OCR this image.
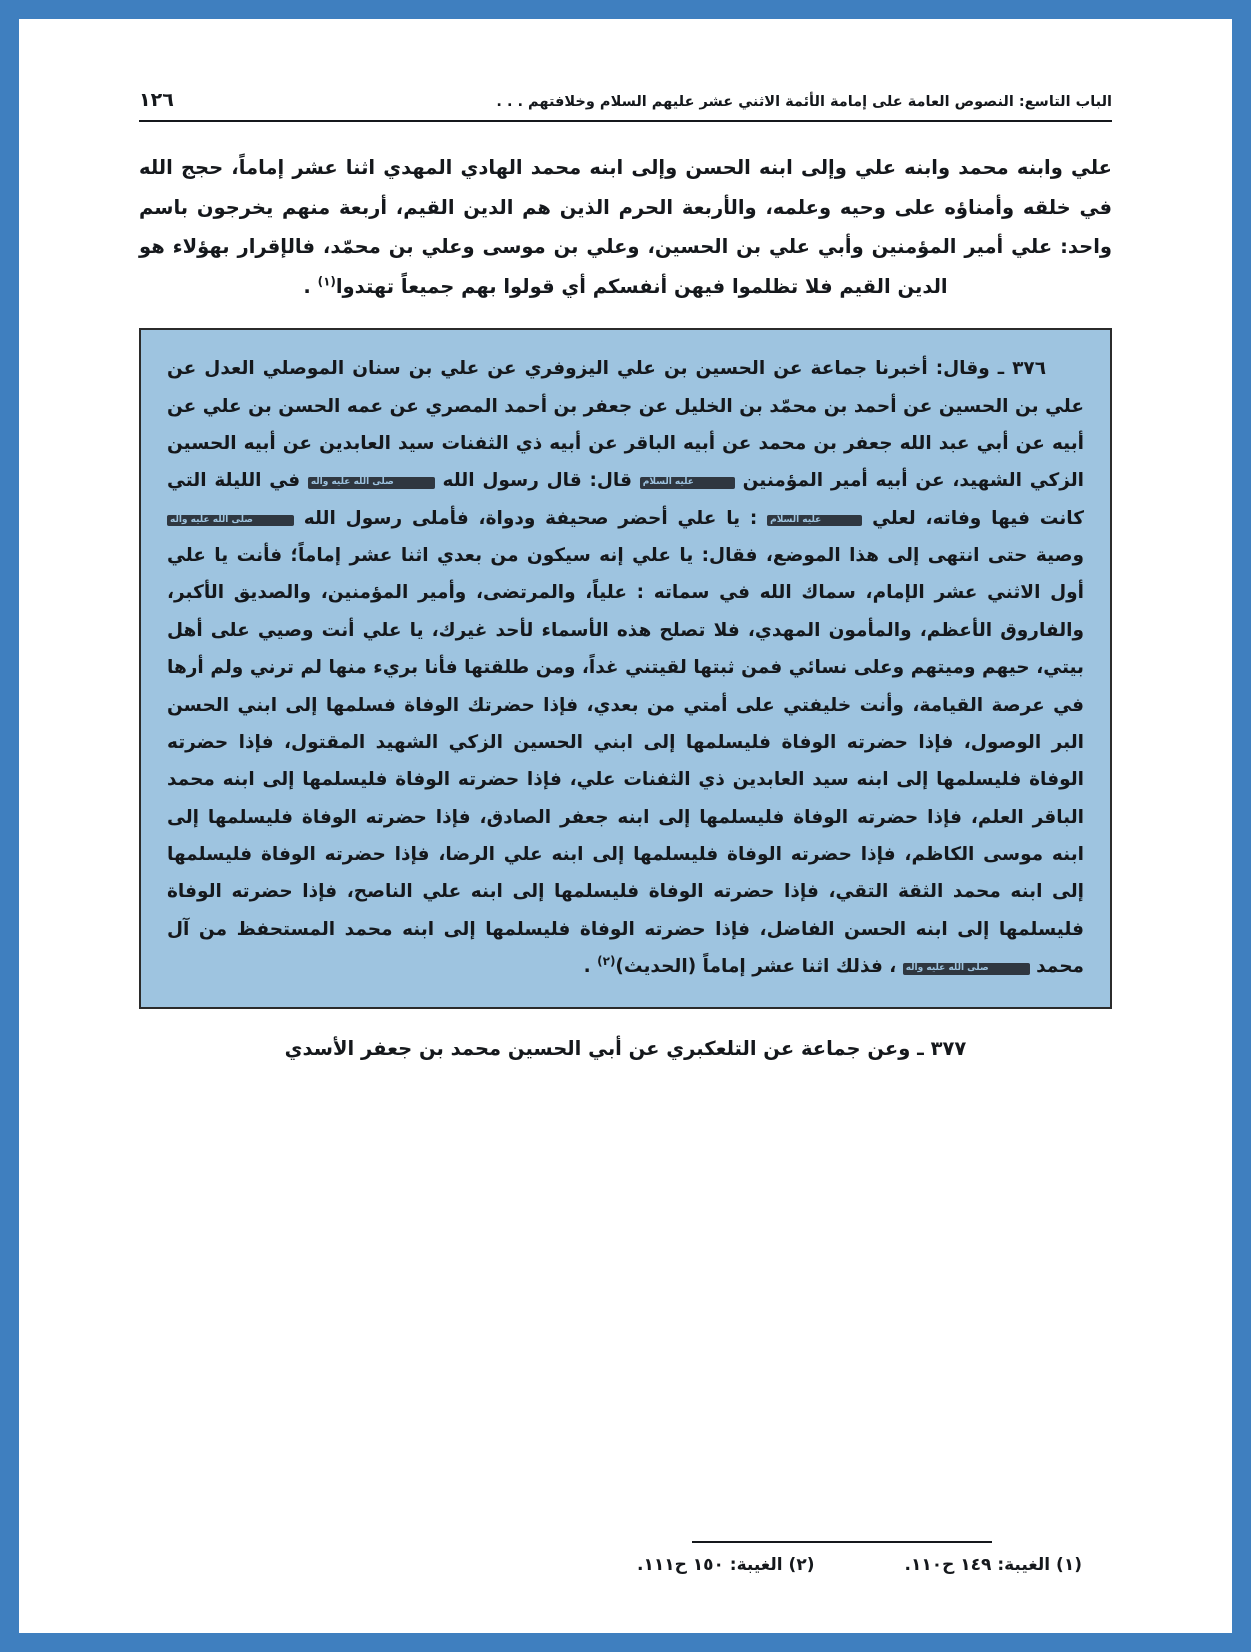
الباب التاسع: النصوص العامة على إمامة الأئمة الاثني عشر عليهم السلام وخلافتهم . . .
١٢٦
علي وابنه محمد وابنه علي وإلى ابنه الحسن وإلى ابنه محمد الهادي المهدي اثنا عشر إماماً، حجج الله في خلقه وأمناؤه على وحيه وعلمه، والأربعة الحرم الذين هم الدين القيم، أربعة منهم يخرجون باسم واحد: علي أمير المؤمنين وأبي علي بن الحسين، وعلي بن موسى وعلي بن محمّد، فالإقرار بهؤلاء هو الدين القيم فلا تظلموا فيهن أنفسكم أي قولوا بهم جميعاً تهتدوا$^{(١)}$ .
٣٧٦ ـ وقال: أخبرنا جماعة عن الحسين بن علي اليزوفري عن علي بن سنان الموصلي العدل عن علي بن الحسين عن أحمد بن محمّد بن الخليل عن جعفر بن أحمد المصري عن عمه الحسن بن علي عن أبيه عن أبي عبد الله جعفر بن محمد عن أبيه الباقر عن أبيه ذي الثفنات سيد العابدين عن أبيه الحسين الزكي الشهيد، عن أبيه أمير المؤمنين عليه السلام قال: قال رسول الله صلى الله عليه وآله في الليلة التي كانت فيها وفاته، لعلي عليه السلام : يا علي أحضر صحيفة ودواة، فأملى رسول الله صلى الله عليه وآله وصية حتى انتهى إلى هذا الموضع، فقال: يا علي إنه سيكون من بعدي اثنا عشر إماماً؛ فأنت يا علي أول الاثني عشر الإمام، سماك الله في سماته : علياً، والمرتضى، وأمير المؤمنين، والصديق الأكبر، والفاروق الأعظم، والمأمون المهدي، فلا تصلح هذه الأسماء لأحد غيرك، يا علي أنت وصيي على أهل بيتي، حيهم وميتهم وعلى نسائي فمن ثبتها لقيتني غداً، ومن طلقتها فأنا بريء منها لم ترني ولم أرها في عرصة القيامة، وأنت خليفتي على أمتي من بعدي، فإذا حضرتك الوفاة فسلمها إلى ابني الحسن البر الوصول، فإذا حضرته الوفاة فليسلمها إلى ابني الحسين الزكي الشهيد المقتول، فإذا حضرته الوفاة فليسلمها إلى ابنه سيد العابدين ذي الثفنات علي، فإذا حضرته الوفاة فليسلمها إلى ابنه محمد الباقر العلم، فإذا حضرته الوفاة فليسلمها إلى ابنه جعفر الصادق، فإذا حضرته الوفاة فليسلمها إلى ابنه موسى الكاظم، فإذا حضرته الوفاة فليسلمها إلى ابنه علي الرضا، فإذا حضرته الوفاة فليسلمها إلى ابنه محمد الثقة التقي، فإذا حضرته الوفاة فليسلمها إلى ابنه علي الناصح، فإذا حضرته الوفاة فليسلمها إلى ابنه الحسن الفاضل، فإذا حضرته الوفاة فليسلمها إلى ابنه محمد المستحفظ من آل محمد صلى الله عليه وآله ، فذلك اثنا عشر إماماً (الحديث)$^{(٢)}$ .
٣٧٧ ـ وعن جماعة عن التلعكبري عن أبي الحسين محمد بن جعفر الأسدي
(١) الغيبة: ١٤٩ ح١١٠.
(٢) الغيبة: ١٥٠ ح١١١.
